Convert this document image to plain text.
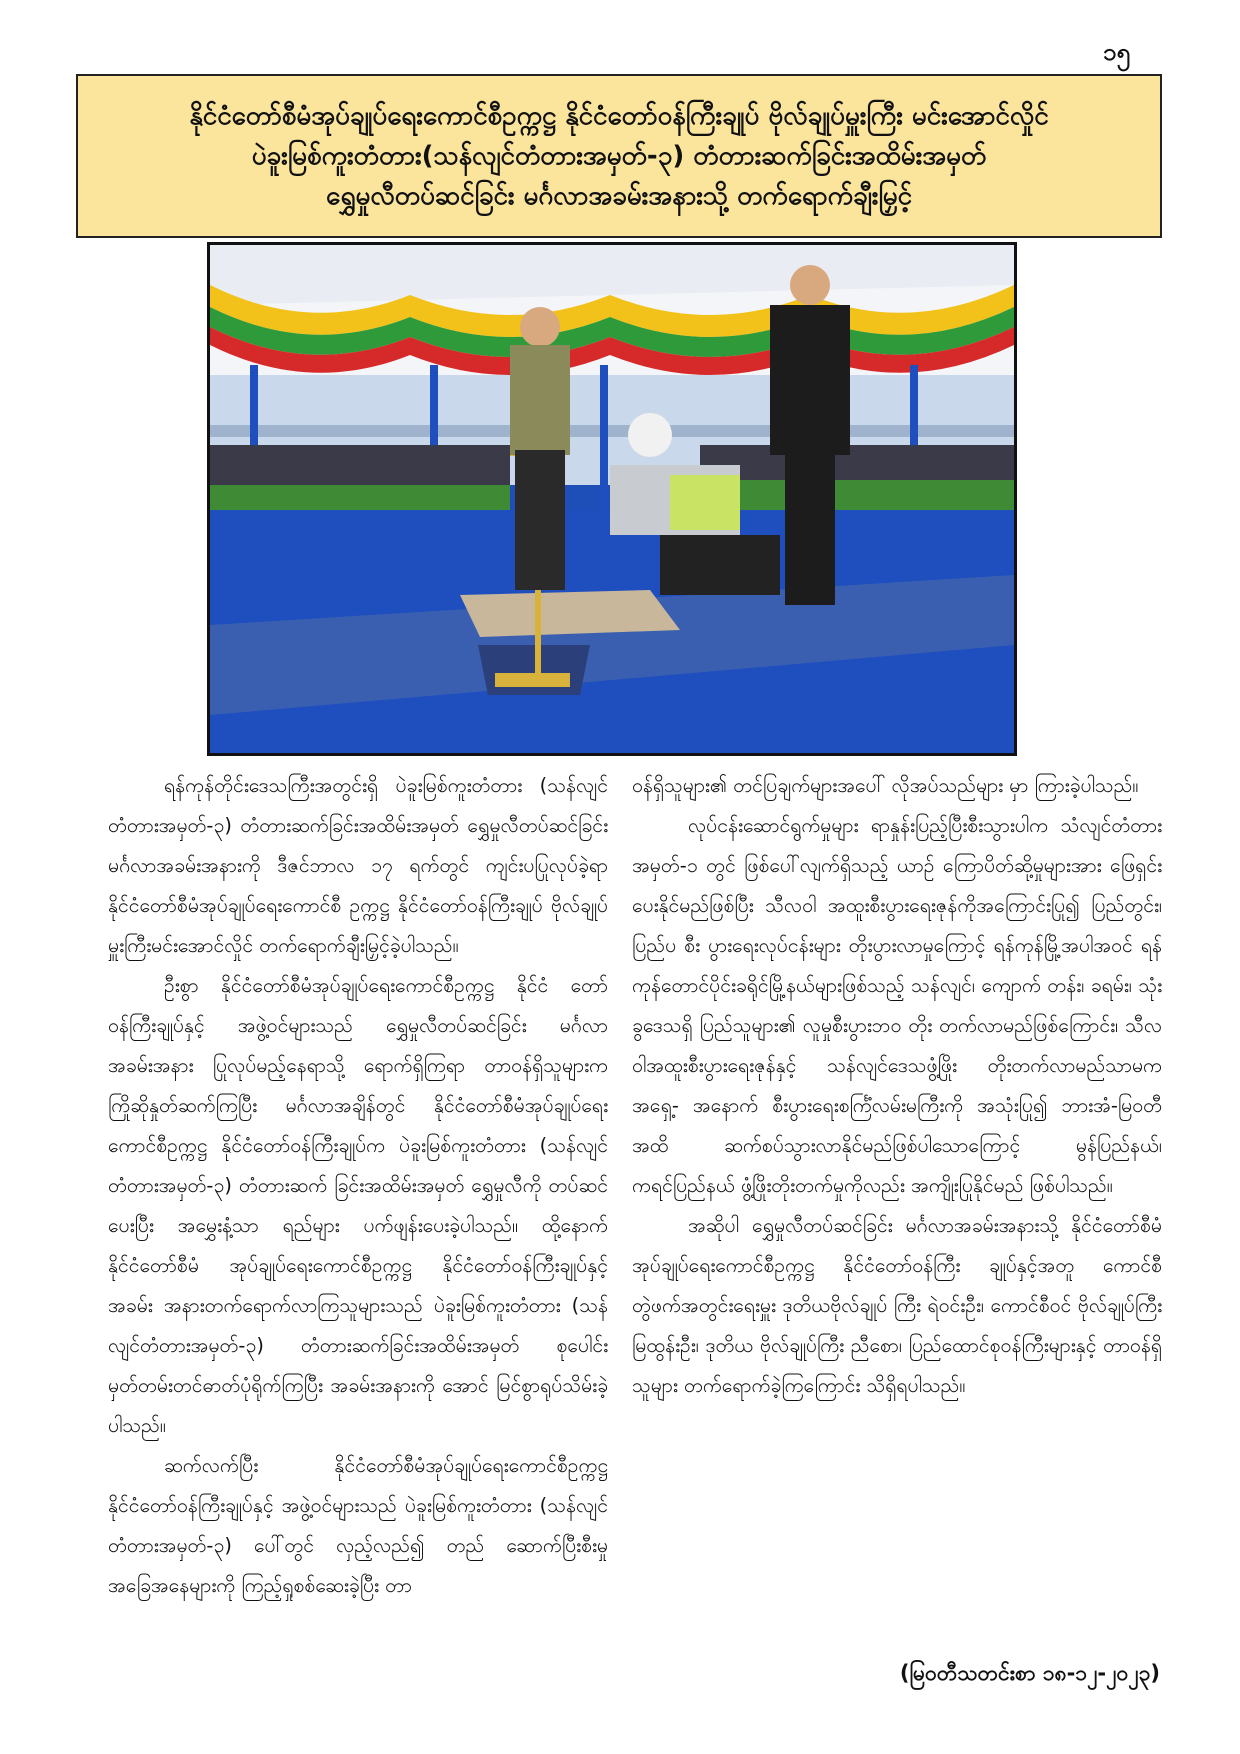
၁၅
နိုင်ငံတော်စီမံအုပ်ချုပ်ရေးကောင်စီဥက္ကဋ္ဌ နိုင်ငံတော်ဝန်ကြီးချုပ် ဗိုလ်ချုပ်မှူးကြီး မင်းအောင်လှိုင်
ပဲခူးမြစ်ကူးတံတား(သန်လျင်တံတားအမှတ်-၃) တံတားဆက်ခြင်းအထိမ်းအမှတ်
ရွှေမှုလီတပ်ဆင်ခြင်း မင်္ဂလာအခမ်းအနားသို့ တက်ရောက်ချီးမြှင့်

ရန်ကုန်တိုင်းဒေသကြီးအတွင်းရှိ ပဲခူးမြစ်ကူးတံတား (သန်လျင်တံတားအမှတ်-၃) တံတားဆက်ခြင်းအထိမ်းအမှတ် ရွှေမှုလီတပ်ဆင်ခြင်း မင်္ဂလာအခမ်းအနားကို ဒီဇင်ဘာလ ၁၇ ရက်တွင် ကျင်းပပြုလုပ်ခဲ့ရာ နိုင်ငံတော်စီမံအုပ်ချုပ်ရေးကောင်စီ ဥက္ကဋ္ဌ နိုင်ငံတော်ဝန်ကြီးချုပ် ဗိုလ်ချုပ်မှူးကြီးမင်းအောင်လှိုင် တက်ရောက်ချီးမြှင့်ခဲ့ပါသည်။

ဦးစွာ နိုင်ငံတော်စီမံအုပ်ချုပ်ရေးကောင်စီဥက္ကဋ္ဌ နိုင်ငံ တော်ဝန်ကြီးချုပ်နှင့် အဖွဲ့ဝင်များသည် ရွှေမှုလီတပ်ဆင်ခြင်း မင်္ဂလာအခမ်းအနား ပြုလုပ်မည့်နေရာသို့ ရောက်ရှိကြရာ တာဝန်ရှိသူများက ကြိုဆိုနှုတ်ဆက်ကြပြီး မင်္ဂလာအချိန်တွင် နိုင်ငံတော်စီမံအုပ်ချုပ်ရေးကောင်စီဥက္ကဋ္ဌ နိုင်ငံတော်ဝန်ကြီးချုပ်က ပဲခူးမြစ်ကူးတံတား (သန်လျင်တံတားအမှတ်-၃) တံတားဆက် ခြင်းအထိမ်းအမှတ် ရွှေမှုလီကို တပ်ဆင်ပေးပြီး အမွှေးနံ့သာ ရည်များ ပက်ဖျန်းပေးခဲ့ပါသည်။ ထို့နောက် နိုင်ငံတော်စီမံ အုပ်ချုပ်ရေးကောင်စီဥက္ကဋ္ဌ နိုင်ငံတော်ဝန်ကြီးချုပ်နှင့် အခမ်း အနားတက်ရောက်လာကြသူများသည် ပဲခူးမြစ်ကူးတံတား (သန်လျင်တံတားအမှတ်-၃) တံတားဆက်ခြင်းအထိမ်းအမှတ် စုပေါင်းမှတ်တမ်းတင်ဓာတ်ပုံရိုက်ကြပြီး အခမ်းအနားကို အောင် မြင်စွာရုပ်သိမ်းခဲ့ပါသည်။

ဆက်လက်ပြီး နိုင်ငံတော်စီမံအုပ်ချုပ်ရေးကောင်စီဥက္ကဋ္ဌ နိုင်ငံတော်ဝန်ကြီးချုပ်နှင့် အဖွဲ့ဝင်များသည် ပဲခူးမြစ်ကူးတံတား (သန်လျင်တံတားအမှတ်-၃) ပေါ်တွင် လှည့်လည်၍ တည် ဆောက်ပြီးစီးမှုအခြေအနေများကို ကြည့်ရှုစစ်ဆေးခဲ့ပြီး တာ

ဝန်ရှိသူများ၏ တင်ပြချက်များအပေါ် လိုအပ်သည်များ မှာ ကြားခဲ့ပါသည်။

လုပ်ငန်းဆောင်ရွက်မှုများ ရာနှုန်းပြည့်ပြီးစီးသွားပါက သံလျင်တံတားအမှတ်-၁ တွင် ဖြစ်ပေါ်လျက်ရှိသည့် ယာဉ် ကြောပိတ်ဆို့မှုများအား ဖြေရှင်းပေးနိုင်မည်ဖြစ်ပြီး သီလဝါ အထူးစီးပွားရေးဇုန်ကိုအကြောင်းပြု၍ ပြည်တွင်း၊ ပြည်ပ စီး ပွားရေးလုပ်ငန်းများ တိုးပွားလာမှုကြောင့် ရန်ကုန်မြို့အပါအဝင် ရန်ကုန်တောင်ပိုင်းခရိုင်မြို့နယ်များဖြစ်သည့် သန်လျင်၊ ကျောက် တန်း၊ ခရမ်း၊ သုံးခွဒေသရှိ ပြည်သူများ၏ လူမှုစီးပွားဘဝ တိုး တက်လာမည်ဖြစ်ကြောင်း၊ သီလဝါအထူးစီးပွားရေးဇုန်နှင့် သန်လျင်ဒေသဖွံ့ဖြိုး တိုးတက်လာမည်သာမက အရှေ့- အနောက် စီးပွားရေးစင်္ကြံလမ်းမကြီးကို အသုံးပြု၍ ဘားအံ-မြဝတီအထိ ဆက်စပ်သွားလာနိုင်မည်ဖြစ်ပါသောကြောင့် မွန်ပြည်နယ်၊ ကရင်ပြည်နယ် ဖွံ့ဖြိုးတိုးတက်မှုကိုလည်း အကျိုးပြုနိုင်မည် ဖြစ်ပါသည်။

အဆိုပါ ရွှေမှုလီတပ်ဆင်ခြင်း မင်္ဂလာအခမ်းအနားသို့ နိုင်ငံတော်စီမံအုပ်ချုပ်ရေးကောင်စီဥက္ကဋ္ဌ နိုင်ငံတော်ဝန်ကြီး ချုပ်နှင့်အတူ ကောင်စီတွဲဖက်အတွင်းရေးမှူး ဒုတိယဗိုလ်ချုပ် ကြီး ရဲဝင်းဦး၊ ကောင်စီဝင် ဗိုလ်ချုပ်ကြီးမြထွန်းဦး၊ ဒုတိယ ဗိုလ်ချုပ်ကြီး ညီစော၊ ပြည်ထောင်စုဝန်ကြီးများနှင့် တာဝန်ရှိ သူများ တက်ရောက်ခဲ့ကြကြောင်း သိရှိရပါသည်။

(မြဝတီသတင်းစာ ၁၈-၁၂-၂၀၂၃)
